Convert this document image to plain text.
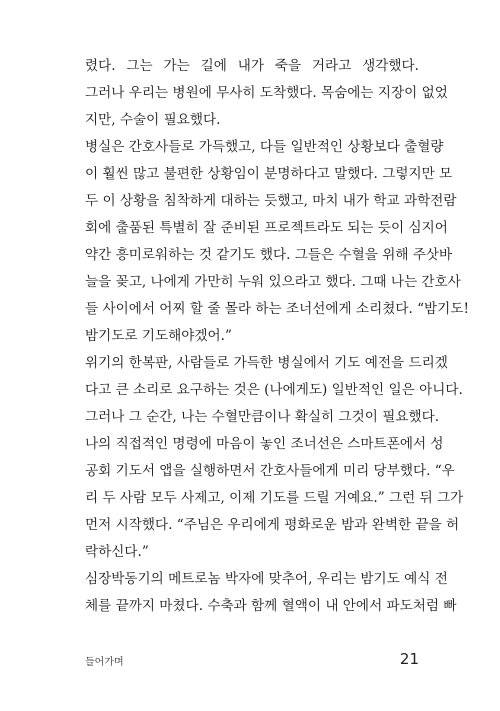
렸다. 그는 가는 길에 내가 죽을 거라고 생각했다.
그러나 우리는 병원에 무사히 도착했다. 목숨에는 지장이 없었
지만, 수술이 필요했다.
병실은 간호사들로 가득했고, 다들 일반적인 상황보다 출혈량
이 훨씬 많고 불편한 상황임이 분명하다고 말했다. 그렇지만 모
두 이 상황을 침착하게 대하는 듯했고, 마치 내가 학교 과학전람
회에 출품된 특별히 잘 준비된 프로젝트라도 되는 듯이 심지어
약간 흥미로워하는 것 같기도 했다. 그들은 수혈을 위해 주삿바
늘을 꽂고, 나에게 가만히 누워 있으라고 했다. 그때 나는 간호사
들 사이에서 어찌 할 줄 몰라 하는 조너선에게 소리쳤다. “밤기도!
밤기도로 기도해야겠어.”
위기의 한복판, 사람들로 가득한 병실에서 기도 예전을 드리겠
다고 큰 소리로 요구하는 것은 (나에게도) 일반적인 일은 아니다.
그러나 그 순간, 나는 수혈만큼이나 확실히 그것이 필요했다.
나의 직접적인 명령에 마음이 놓인 조너선은 스마트폰에서 성
공회 기도서 앱을 실행하면서 간호사들에게 미리 당부했다. “우
리 두 사람 모두 사제고, 이제 기도를 드릴 거예요.” 그런 뒤 그가
먼저 시작했다. “주님은 우리에게 평화로운 밤과 완벽한 끝을 허
락하신다.”
심장박동기의 메트로놈 박자에 맞추어, 우리는 밤기도 예식 전
체를 끝까지 마쳤다. 수축과 함께 혈액이 내 안에서 파도처럼 빠
들어가며	21
